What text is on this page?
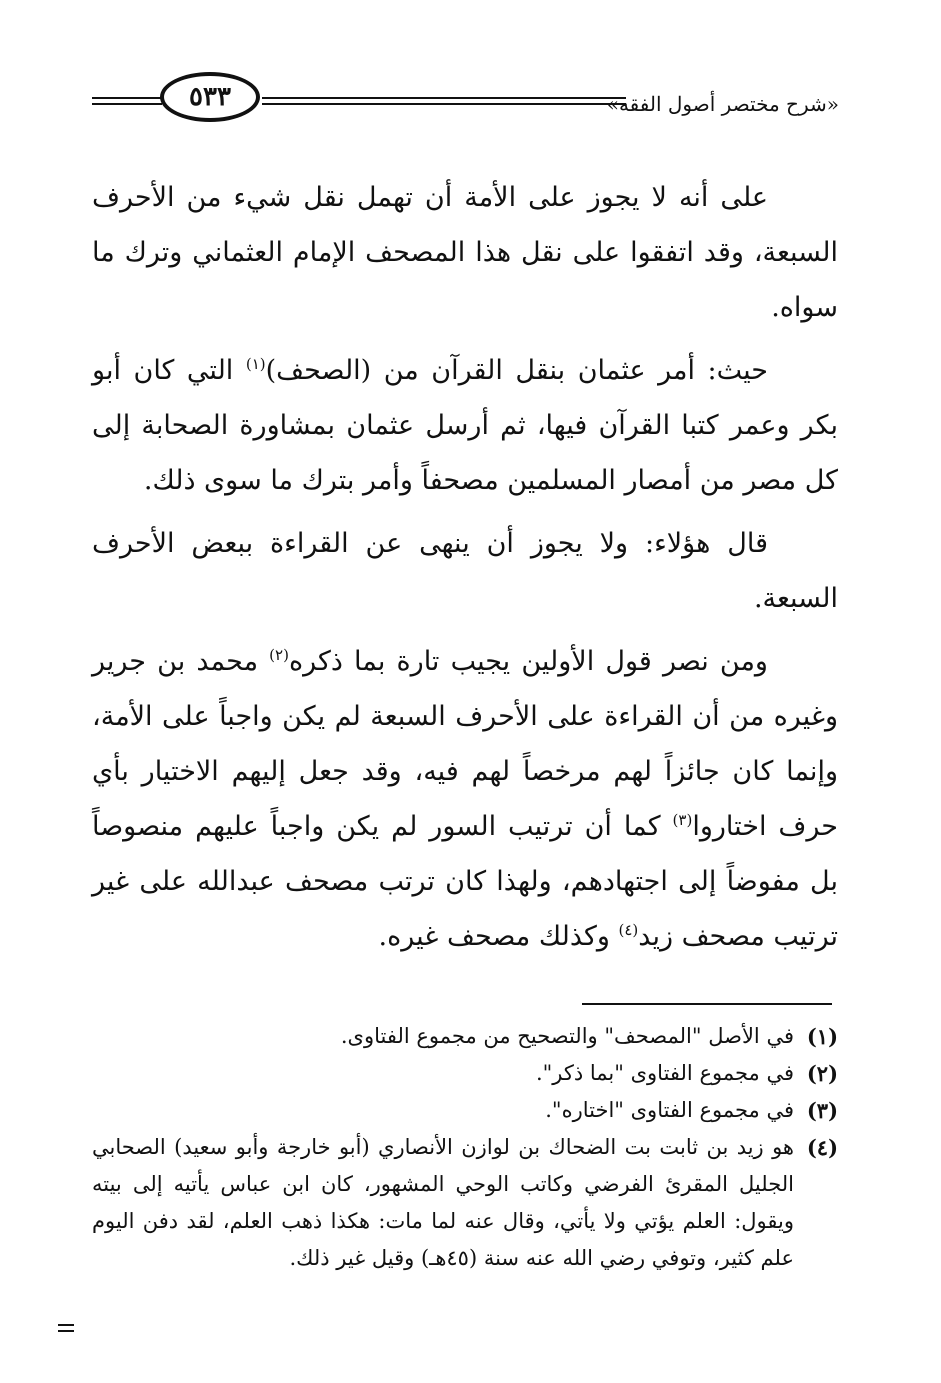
٥٣٣	«شرح مختصر أصول الفقه»

على أنه لا يجوز على الأمة أن تهمل نقل شيء من الأحرف السبعة، وقد اتفقوا على نقل هذا المصحف الإمام العثماني وترك ما سواه.

حيث: أمر عثمان بنقل القرآن من (الصحف)$^{(١)}$ التي كان أبو بكر وعمر كتبا القرآن فيها، ثم أرسل عثمان بمشاورة الصحابة إلى كل مصر من أمصار المسلمين مصحفاً وأمر بترك ما سوى ذلك.

قال هؤلاء: ولا يجوز أن ينهى عن القراءة ببعض الأحرف السبعة.

ومن نصر قول الأولين يجيب تارة بما ذكره$^{(٢)}$ محمد بن جرير وغيره من أن القراءة على الأحرف السبعة لم يكن واجباً على الأمة، وإنما كان جائزاً لهم مرخصاً لهم فيه، وقد جعل إليهم الاختيار بأي حرف اختاروا$^{(٣)}$ كما أن ترتيب السور لم يكن واجباً عليهم منصوصاً بل مفوضاً إلى اجتهادهم، ولهذا كان ترتب مصحف عبدالله على غير ترتيب مصحف زيد$^{(٤)}$ وكذلك مصحف غيره.

(١)
في الأصل "المصحف" والتصحيح من مجموع الفتاوى.
(٢)
في مجموع الفتاوى "بما ذكر".
(٣)
في مجموع الفتاوى "اختاره".
(٤)
هو زيد بن ثابت بت الضحاك بن لوازن الأنصاري (أبو خارجة وأبو سعيد) الصحابي الجليل المقرئ الفرضي وكاتب الوحي المشهور، كان ابن عباس يأتيه إلى بيته ويقول: العلم يؤتي ولا يأتي، وقال عنه لما مات: هكذا ذهب العلم، لقد دفن اليوم علم كثير، وتوفي رضي الله عنه سنة (٤٥هـ) وقيل غير ذلك.
